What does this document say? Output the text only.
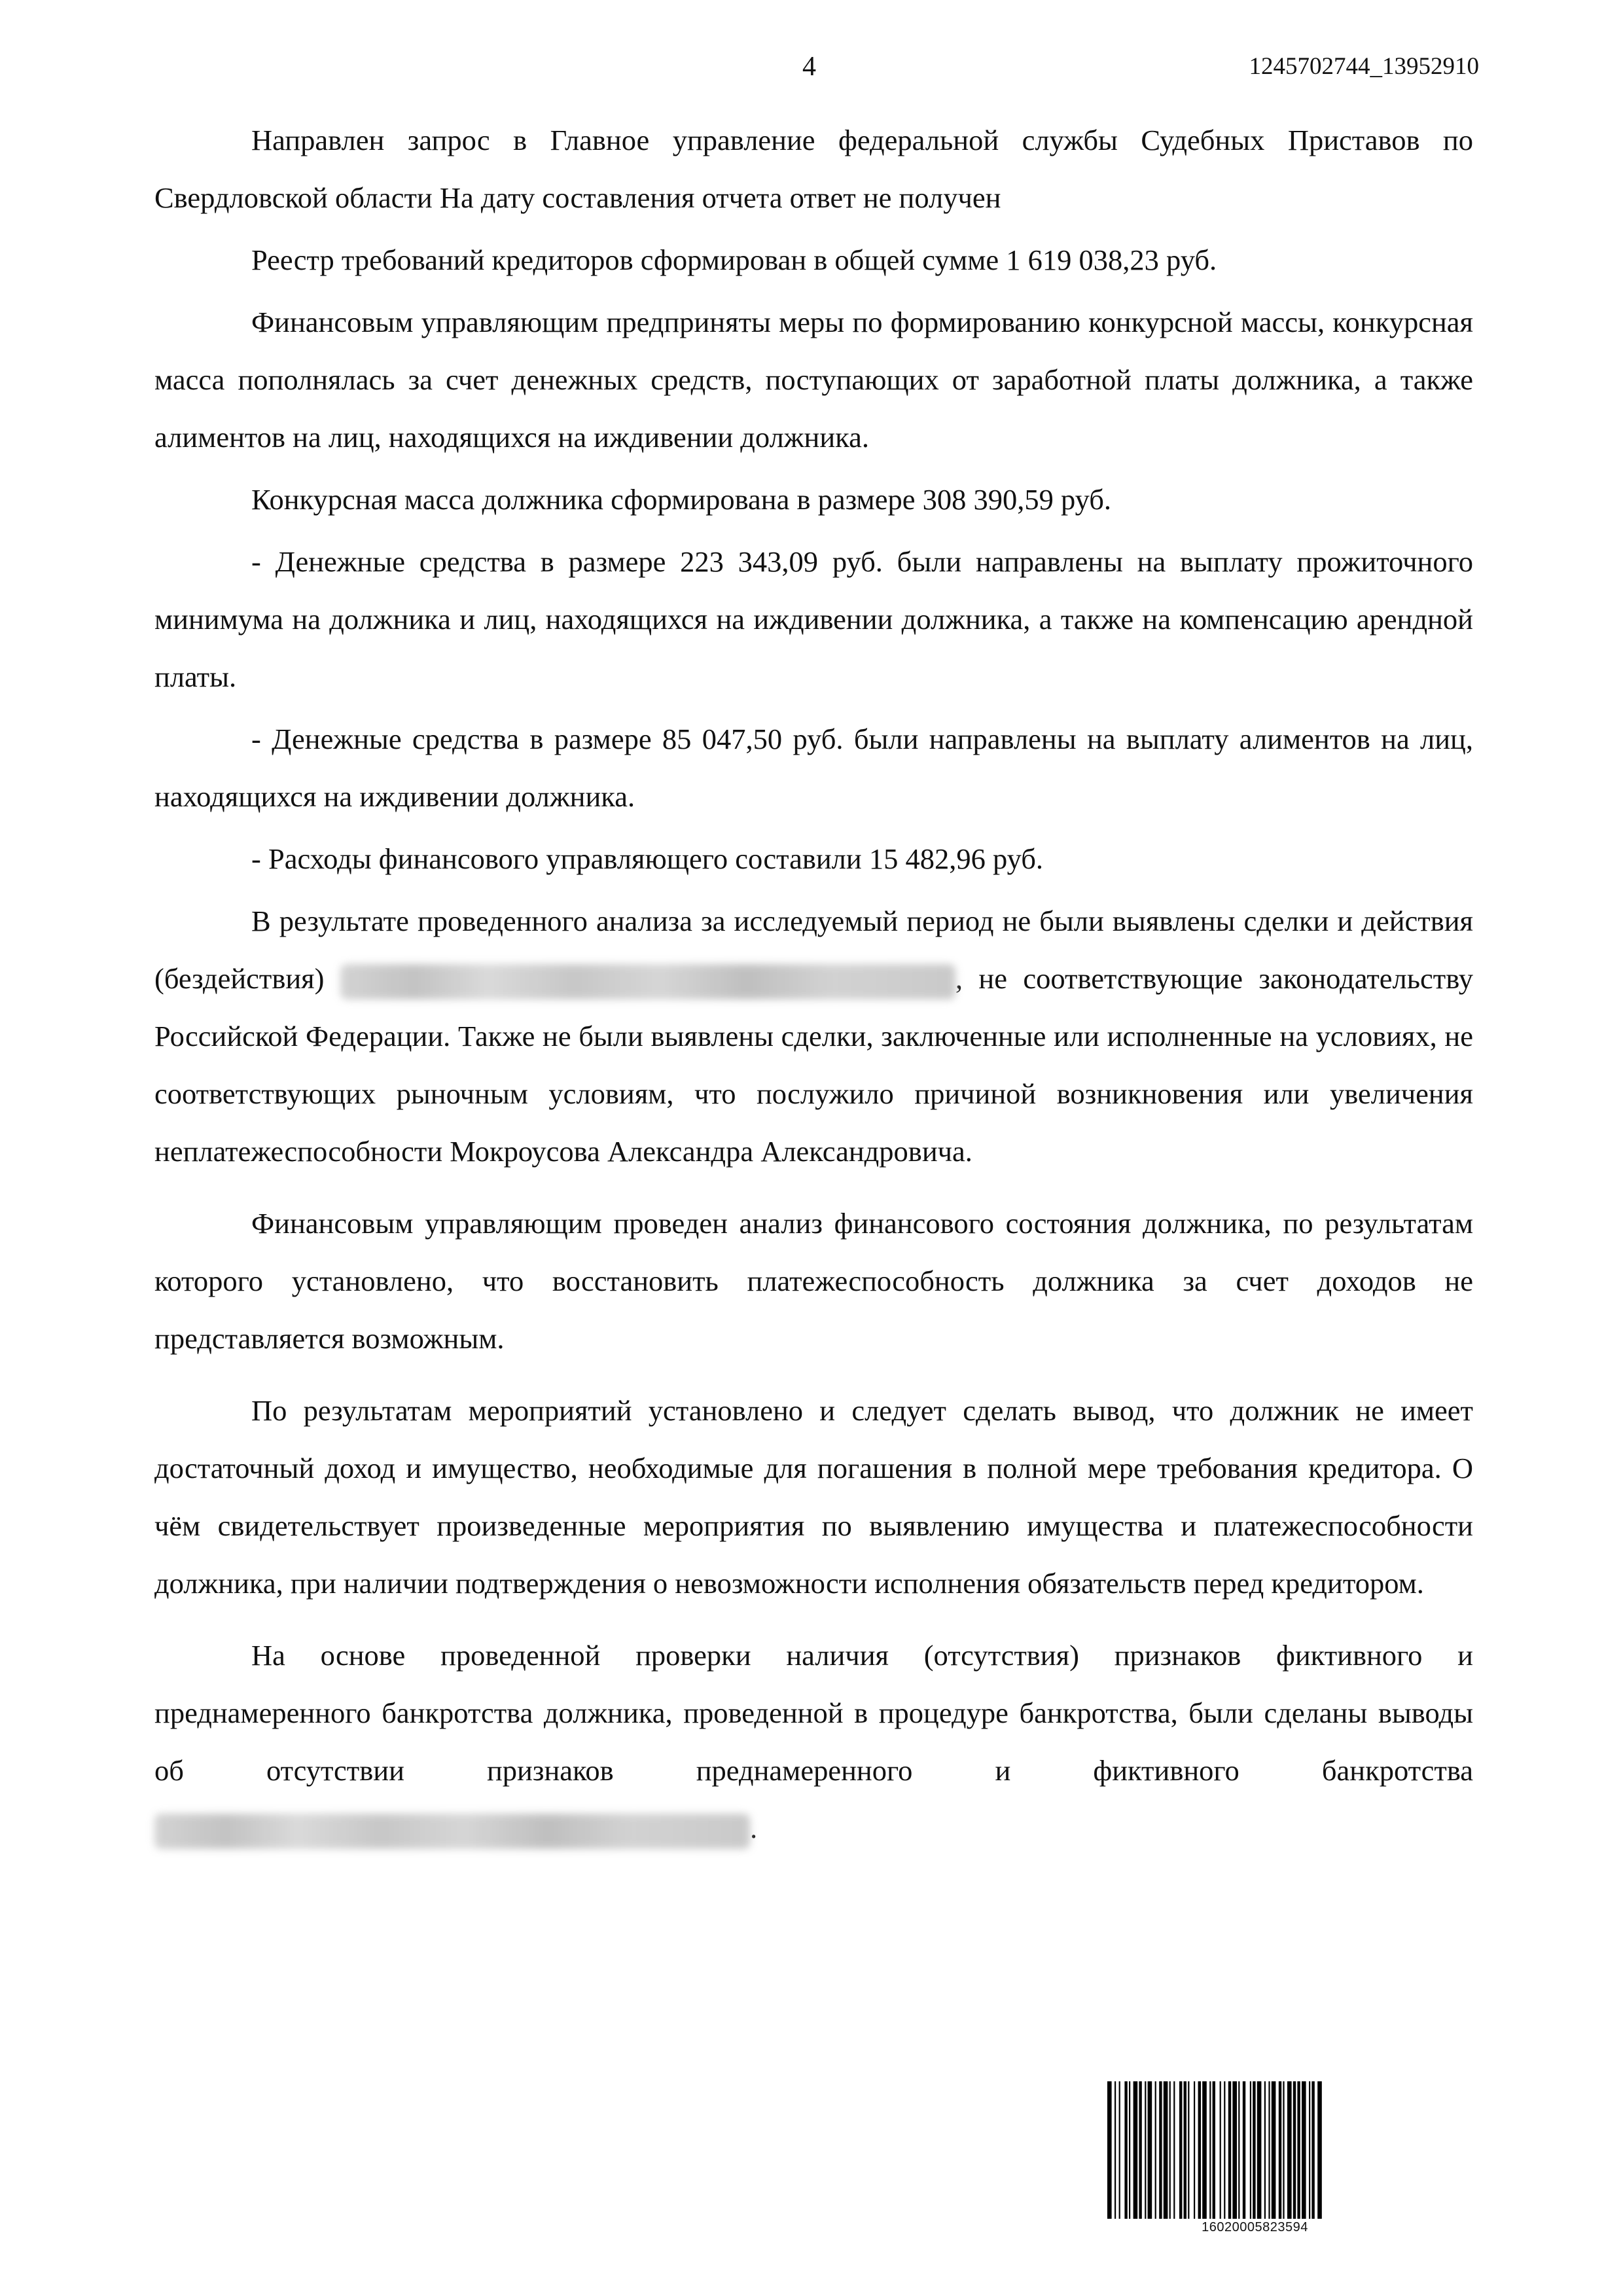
4	1245702744_13952910

Направлен запрос в Главное управление федеральной службы Судебных Приставов по Свердловской области На дату составления отчета ответ не получен

Реестр требований кредиторов сформирован в общей сумме 1 619 038,23 руб.

Финансовым управляющим предприняты меры по формированию конкурсной массы, конкурсная масса пополнялась за счет денежных средств, поступающих от заработной платы должника, а также алиментов на лиц, находящихся на иждивении должника.

Конкурсная масса должника сформирована в размере 308 390,59 руб.

- Денежные средства в размере 223 343,09 руб. были направлены на выплату прожиточного минимума на должника и лиц, находящихся на иждивении должника, а также на компенсацию арендной платы.

- Денежные средства в размере 85 047,50 руб. были направлены на выплату алиментов на лиц, находящихся на иждивении должника.

- Расходы финансового управляющего составили 15 482,96 руб.

В результате проведенного анализа за исследуемый период не были выявлены сделки и действия (бездействия)	, не соответствующие законодательству Российской Федерации. Также не были выявлены сделки, заключенные или исполненные на условиях, не соответствующих рыночным условиям, что послужило причиной возникновения или увеличения неплатежеспособности Мокроусова Александра Александровича.

Финансовым управляющим проведен анализ финансового состояния должника, по результатам которого установлено, что восстановить платежеспособность должника за счет доходов не представляется возможным.

По результатам мероприятий установлено и следует сделать вывод, что должник не имеет достаточный доход и имущество, необходимые для погашения в полной мере требования кредитора. О чём свидетельствует произведенные мероприятия по выявлению имущества и платежеспособности должника, при наличии подтверждения о невозможности исполнения обязательств перед кредитором.

На основе проведенной проверки наличия (отсутствия) признаков фиктивного и преднамеренного банкротства должника, проведенной в процедуре банкротства, были сделаны выводы об отсутствии признаков преднамеренного и фиктивного банкротства .

16020005823594
